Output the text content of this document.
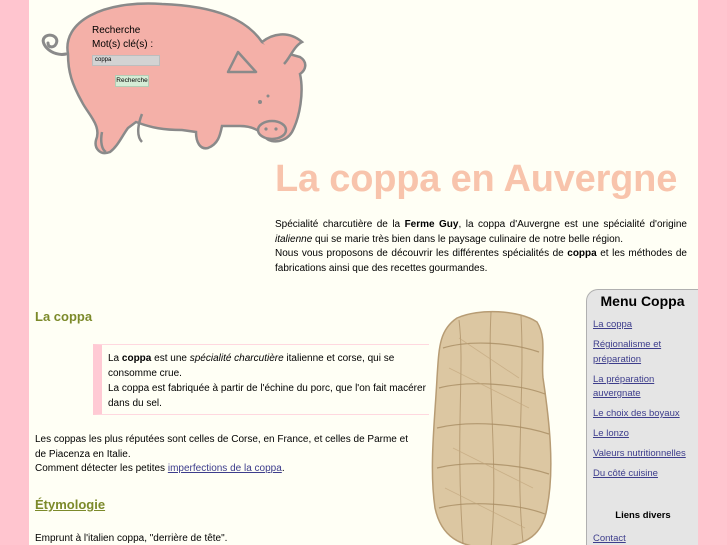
Recherche
Mot(s) clé(s) :
coppa
Recherche
La coppa en Auvergne
Spécialité charcutière de la Ferme Guy, la coppa d'Auvergne est une spécialité d'origine italienne qui se marie très bien dans le paysage culinaire de notre belle région.
Nous vous proposons de découvrir les différentes spécialités de coppa et les méthodes de fabrications ainsi que des recettes gourmandes.
La coppa
La coppa est une spécialité charcutière italienne et corse, qui se consomme crue.
La coppa est fabriquée à partir de l'échine du porc, que l'on fait macérer dans du sel.
Les coppas les plus réputées sont celles de Corse, en France, et celles de Parme et de Piacenza en Italie.
Comment détecter les petites imperfections de la coppa.
Étymologie

Emprunt à l'italien coppa, "derrière de tête".

Menu Coppa
La coppa
Régionalisme et préparation
La préparation auvergnate
Le choix des boyaux
Le lonzo
Valeurs nutritionnelles
Du côté cuisine
Liens divers
Contact
